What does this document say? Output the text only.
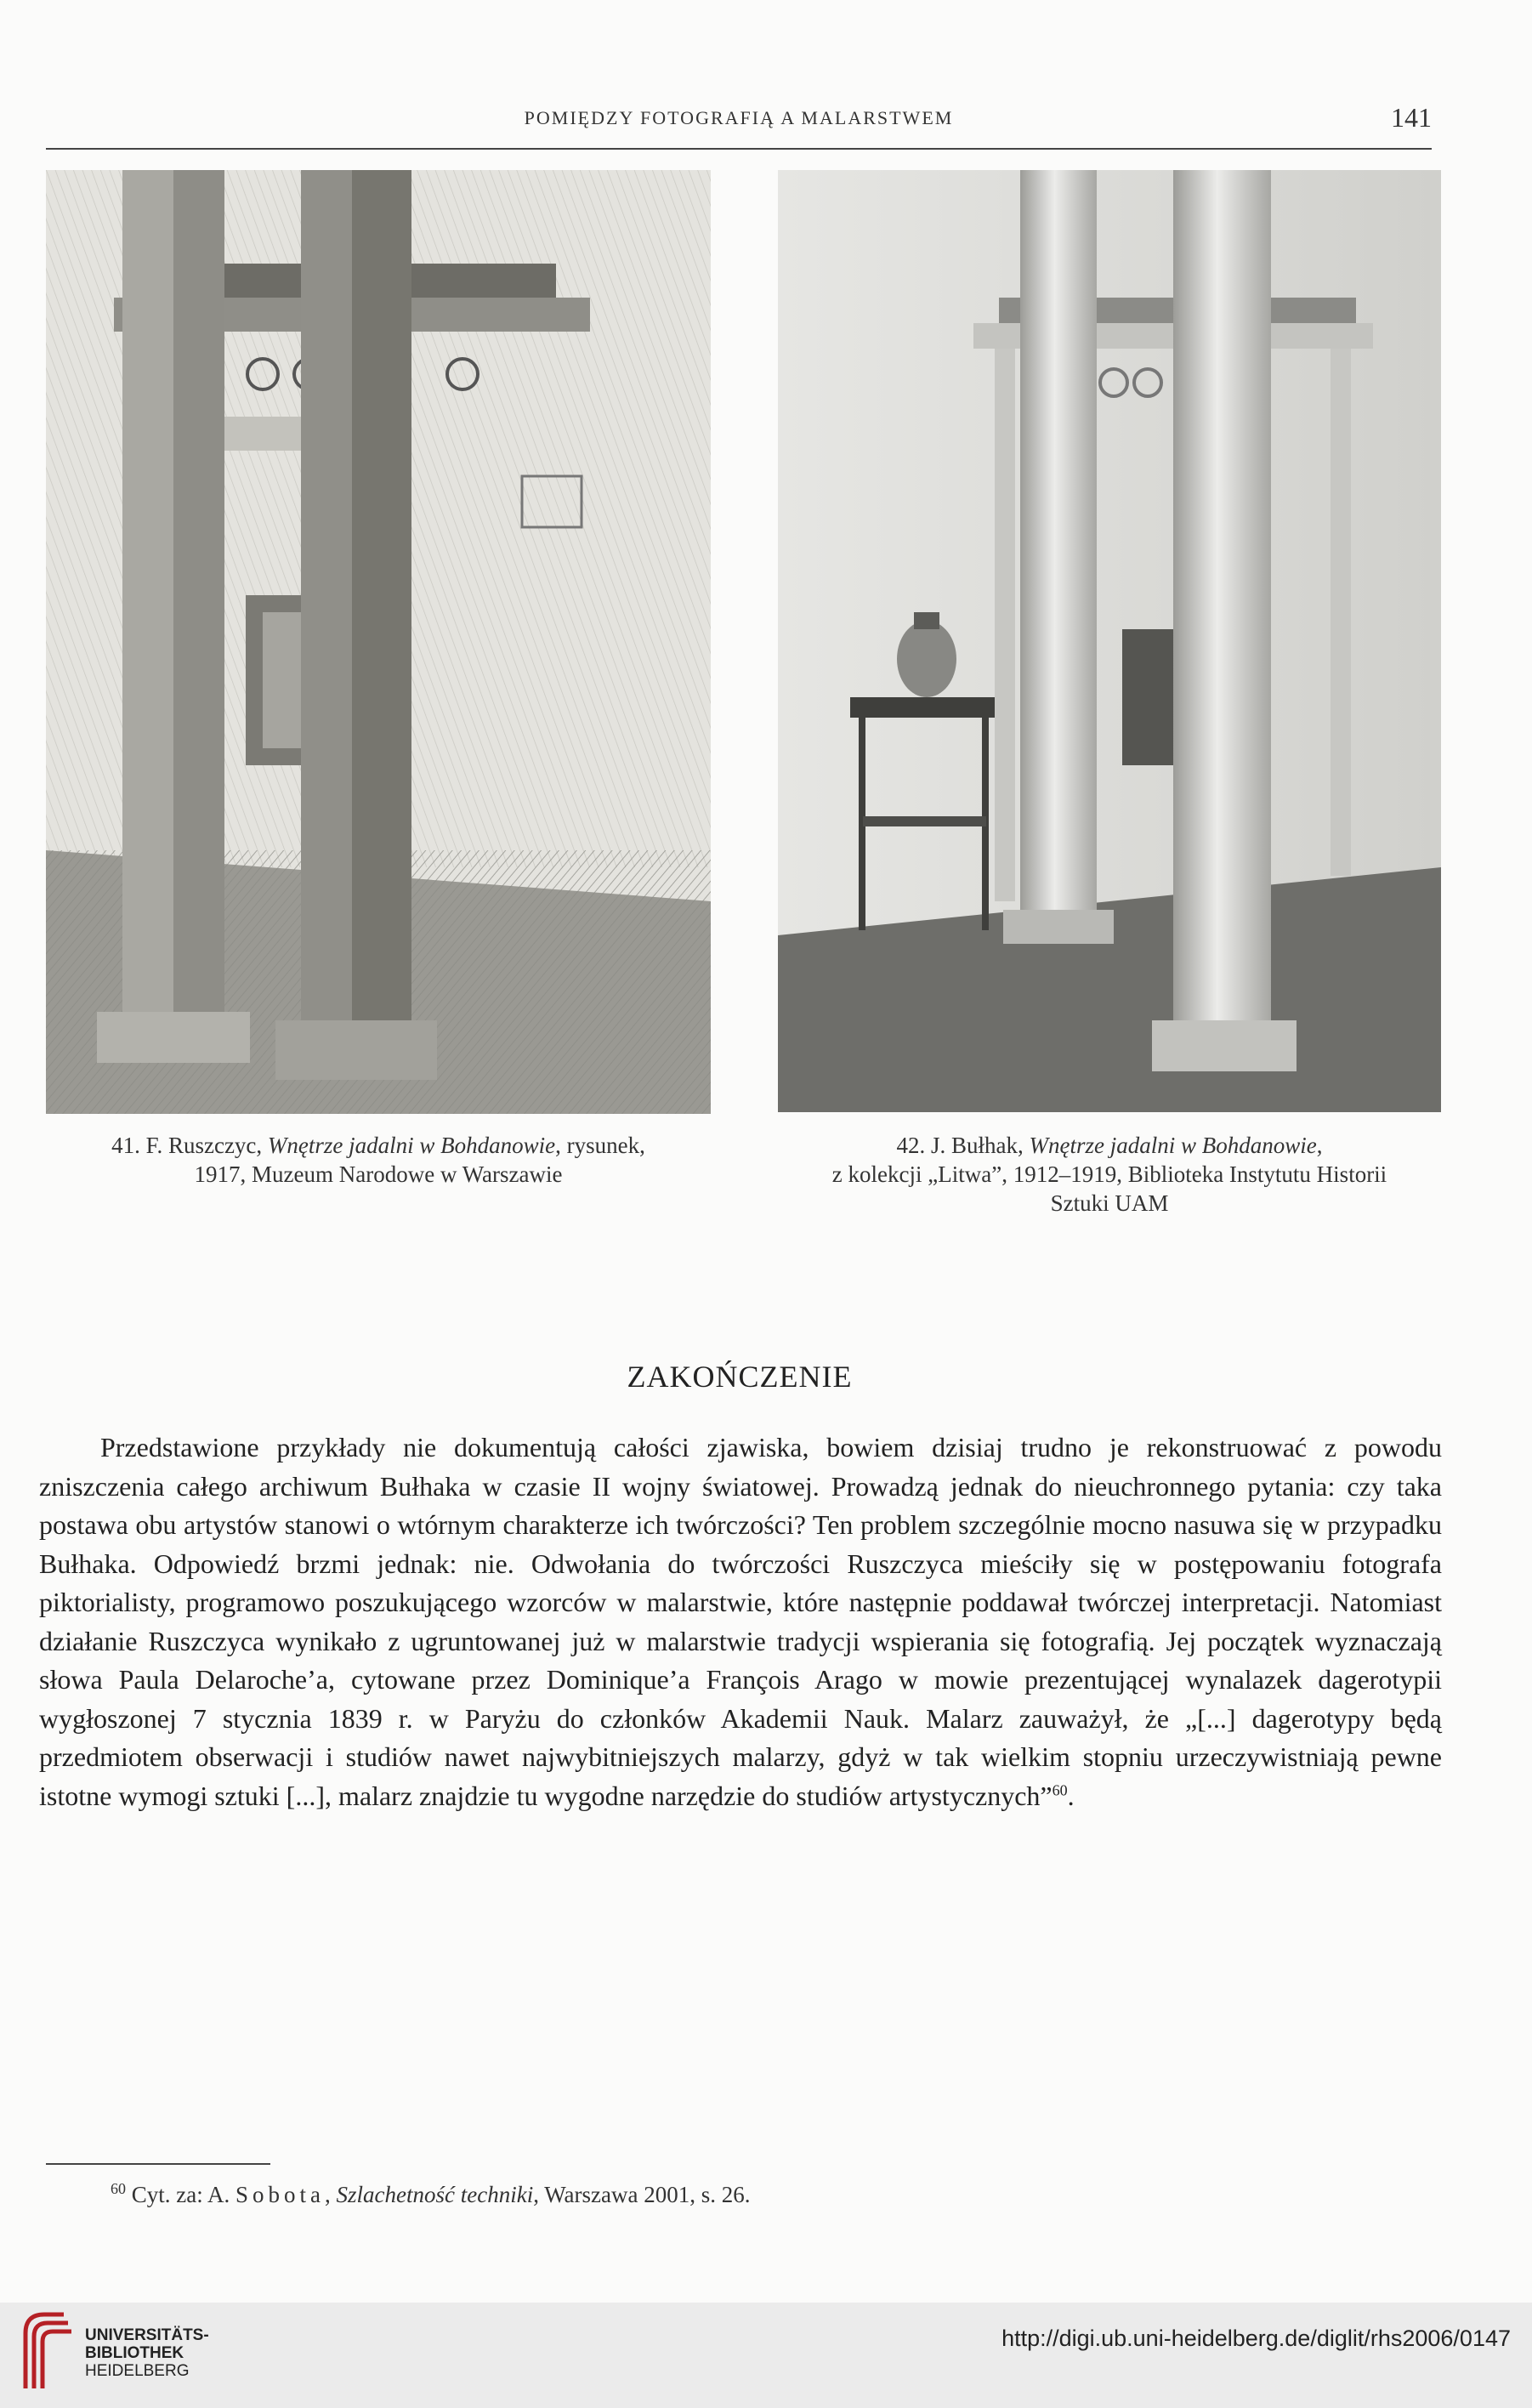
POMIĘDZY FOTOGRAFIĄ A MALARSTWEM	141
41. F. Ruszczyc, Wnętrze jadalni w Bohdanowie, rysunek,
1917, Muzeum Narodowe w Warszawie
42. J. Bułhak, Wnętrze jadalni w Bohdanowie,
z kolekcji „Litwa”, 1912–1919, Biblioteka Instytutu Historii
Sztuki UAM
ZAKOŃCZENIE

Przedstawione przykłady nie dokumentują całości zjawiska, bowiem dzisiaj trudno je rekonstruować z powodu zniszczenia całego archiwum Bułhaka w czasie II wojny światowej. Prowadzą jednak do nieuchronnego pytania: czy taka postawa obu artystów stanowi o wtórnym charakterze ich twórczości? Ten problem szczególnie mocno nasuwa się w przypadku Bułhaka. Odpowiedź brzmi jednak: nie. Odwołania do twórczości Ruszczyca mieściły się w postępowaniu fotografa piktorialisty, programowo poszukującego wzorców w malarstwie, które następnie poddawał twórczej interpretacji. Natomiast działanie Ruszczyca wynikało z ugruntowanej już w malarstwie tradycji wspierania się fotografią. Jej początek wyznaczają słowa Paula Delaroche’a, cytowane przez Dominique’a François Arago w mowie prezentującej wynalazek dagerotypii wygłoszonej 7 stycznia 1839 r. w Paryżu do członków Akademii Nauk. Malarz zauważył, że „[...] dagerotypy będą przedmiotem obserwacji i studiów nawet najwybitniejszych malarzy, gdyż w tak wielkim stopniu urzeczywistniają pewne istotne wymogi sztuki [...], malarz znajdzie tu wygodne narzędzie do studiów artystycznych”$^{60}$.

$^{60}$ Cyt. za: A. Sobota, Szlachetność techniki, Warszawa 2001, s. 26.
UNIVERSITÄTS-
BIBLIOTHEK
HEIDELBERG
http://digi.ub.uni-heidelberg.de/diglit/rhs2006/0147
